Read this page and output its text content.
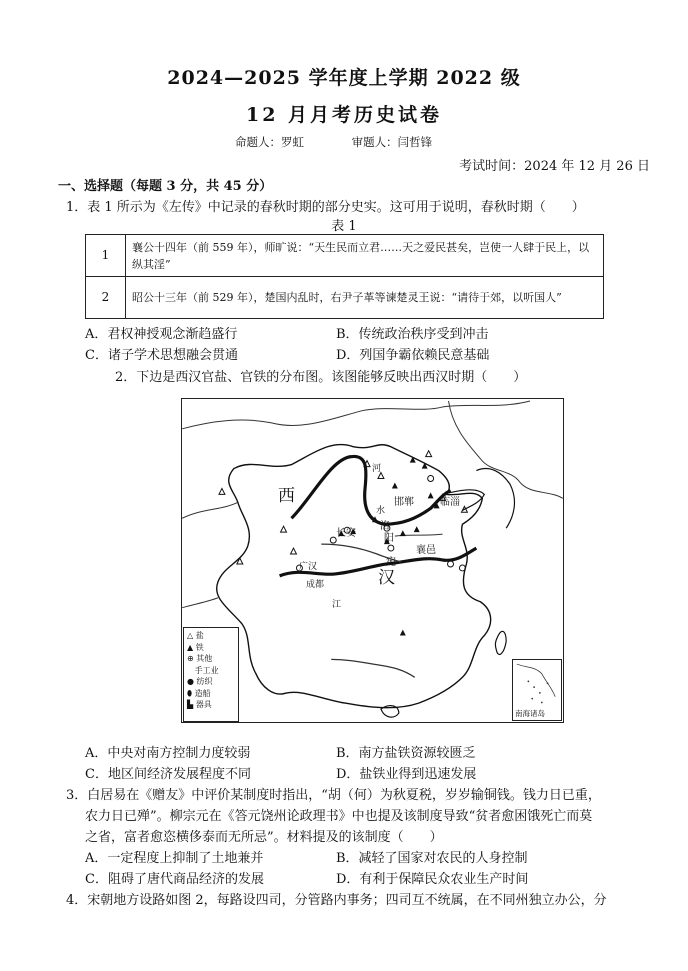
2024—2025 学年度上学期 2022 级
12 月月考历史试卷
命题人：罗虹	审题人：闫哲锋
考试时间：2024 年 12 月 26 日
一、选择题（每题 3 分，共 45 分）
1．表 1 所示为《左传》中记录的春秋时期的部分史实。这可用于说明，春秋时期（　　）
表 1
1	襄公十四年（前 559 年），师旷说：“天生民而立君……天之爱民甚矣，岂使一人肆于民上，以纵其淫”
2	昭公十三年（前 529 年），楚国内乱时，右尹子革等谏楚灵王说：“请待于郊，以听国人”
A．君权神授观念渐趋盛行	B．传统政治秩序受到冲击
C．诸子学术思想融会贯通	D．列国争霸依赖民意基础
2．下边是西汉官盐、官铁的分布图。该图能够反映出西汉时期（　　）
西
汉
长安
洛
阳
宛
襄邑
邯郸	临淄
河
水
广汉
成都
江
△ 盐
▲ 铁
⊕ 其他
手工业
● 纺织
⬮ 造船
▙ 器具
南海诸岛
A．中央对南方控制力度较弱	B．南方盐铁资源较匮乏
C．地区间经济发展程度不同	D．盐铁业得到迅速发展
3．白居易在《赠友》中评价某制度时指出，“胡（何）为秋夏税，岁岁输铜钱。钱力日已重，
农力日已殚”。柳宗元在《答元饶州论政理书》中也提及该制度导致“贫者愈困饿死亡而莫
之省，富者愈恣横侈泰而无所忌”。材料提及的该制度（　　）
A．一定程度上抑制了土地兼并	B．减轻了国家对农民的人身控制
C．阻碍了唐代商品经济的发展	D．有利于保障民众农业生产时间
4．宋朝地方设路如图 2，每路设四司，分管路内事务；四司互不统属，在不同州独立办公，分
